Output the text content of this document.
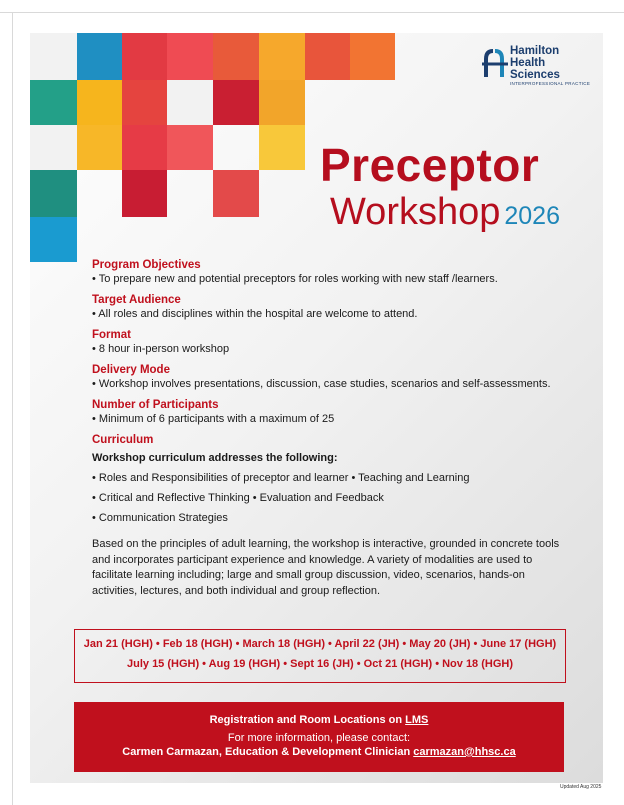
Hamilton
Health
Sciences
INTERPROFESSIONAL PRACTICE
Preceptor
Workshop 2026
Program Objectives
• To prepare new and potential preceptors for roles working with new staff /learners.
Target Audience
• All roles and disciplines within the hospital are welcome to attend.
Format
• 8 hour in-person workshop
Delivery Mode
• Workshop involves presentations, discussion, case studies, scenarios and self-assessments.
Number of Participants
• Minimum of 6 participants with a maximum of 25
Curriculum
Workshop curriculum addresses the following:
• Roles and Responsibilities of preceptor and learner • Teaching and Learning
• Critical and Reflective Thinking • Evaluation and Feedback
• Communication Strategies
Based on the principles of adult learning, the workshop is interactive, grounded in concrete tools and incorporates participant experience and knowledge. A variety of modalities are used to facilitate learning including; large and small group discussion, video, scenarios, hands-on activities, lectures, and both individual and group reflection.
Jan 21 (HGH) • Feb 18 (HGH) • March 18 (HGH) • April 22 (JH) • May 20 (JH) • June 17 (HGH)
July 15 (HGH) • Aug 19 (HGH) • Sept 16 (JH) • Oct 21 (HGH) • Nov 18 (HGH)
Registration and Room Locations on LMS
For more information, please contact:
Carmen Carmazan, Education & Development Clinician carmazan@hhsc.ca
Updated Aug 2025
